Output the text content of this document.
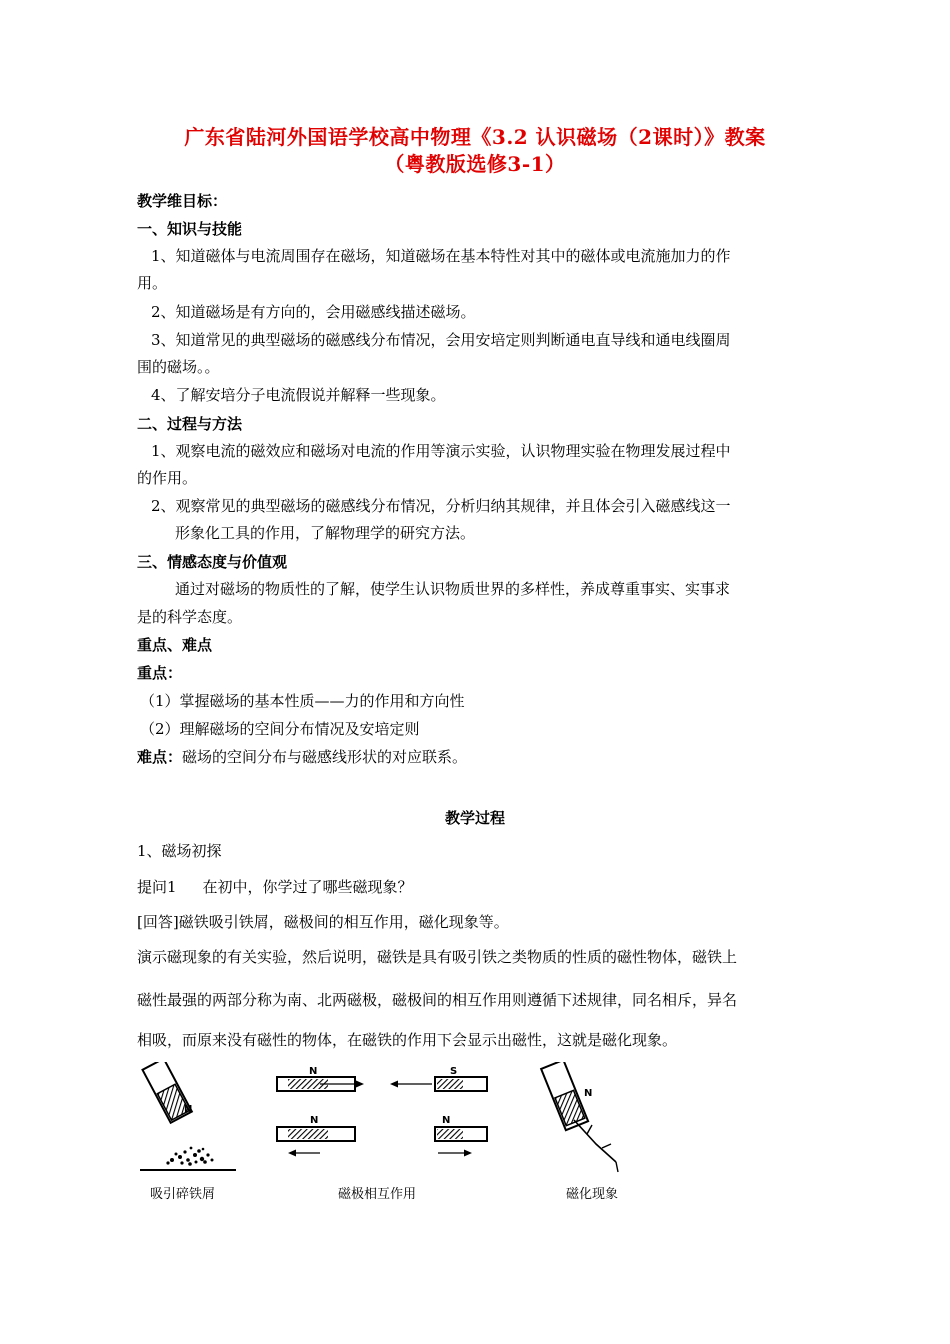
广东省陆河外国语学校高中物理《3.2 认识磁场（2课时）》教案
（粤教版选修3-1）
教学维目标：
一、知识与技能
1、知道磁体与电流周围存在磁场，知道磁场在基本特性对其中的磁体或电流施加力的作
用。
2、知道磁场是有方向的，会用磁感线描述磁场。
3、知道常见的典型磁场的磁感线分布情况，会用安培定则判断通电直导线和通电线圈周
围的磁场。。
4、了解安培分子电流假说并解释一些现象。
二、过程与方法
1、观察电流的磁效应和磁场对电流的作用等演示实验，认识物理实验在物理发展过程中
的作用。
2、观察常见的典型磁场的磁感线分布情况，分析归纳其规律，并且体会引入磁感线这一
形象化工具的作用，了解物理学的研究方法。
三、情感态度与价值观
通过对磁场的物质性的了解，使学生认识物质世界的多样性，养成尊重事实、实事求
是的科学态度。
重点、难点
重点：
（1）掌握磁场的基本性质——力的作用和方向性
（2）理解磁场的空间分布情况及安培定则
难点：磁场的空间分布与磁感线形状的对应联系。
教学过程
1、磁场初探
提问1 在初中，你学过了哪些磁现象？
[回答]磁铁吸引铁屑，磁极间的相互作用，磁化现象等。
演示磁现象的有关实验，然后说明，磁铁是具有吸引铁之类物质的性质的磁性物体，磁铁上
磁性最强的两部分称为南、北两磁极，磁极间的相互作用则遵循下述规律，同名相斥，异名
相吸，而原来没有磁性的物体，在磁铁的作用下会显示出磁性，这就是磁化现象。
N
N	S
N	N
N
吸引碎铁屑	磁极相互作用	磁化现象
